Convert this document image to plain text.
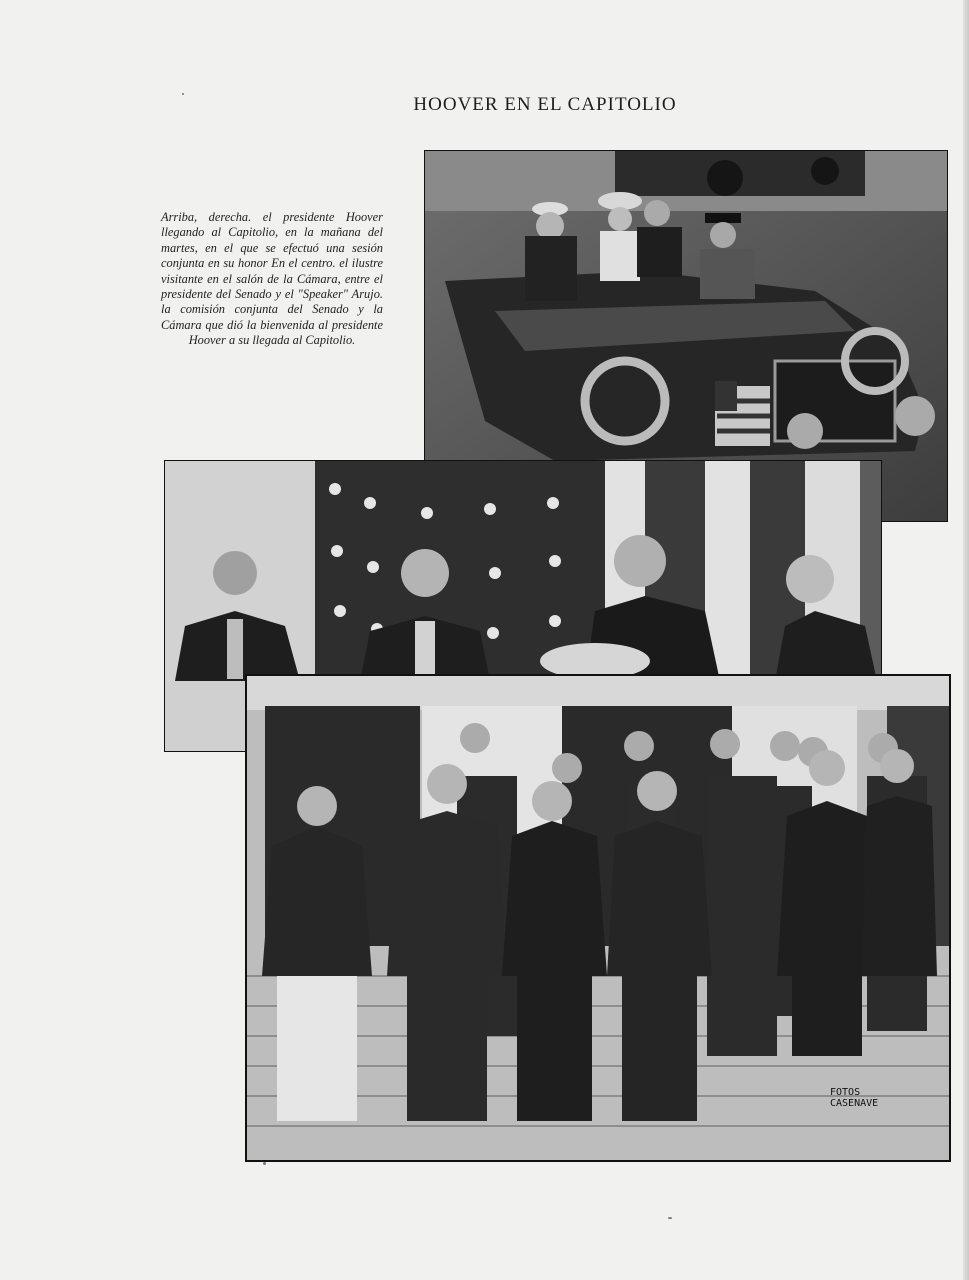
HOOVER EN EL CAPITOLIO
Arriba, derecha. el presidente Hoover llegando al Capitolio, en la mañana del martes, en el que se efectuó una sesión conjunta en su honor En el centro. el ilustre visitante en el salón de la Cámara, entre el presidente del Senado y el "Speaker" Arujo. la comisión conjunta del Senado y la Cámara que dió la bienvenida al presidente Hoover a su llegada al Capitolio.
FOTOS
CASENAVE
